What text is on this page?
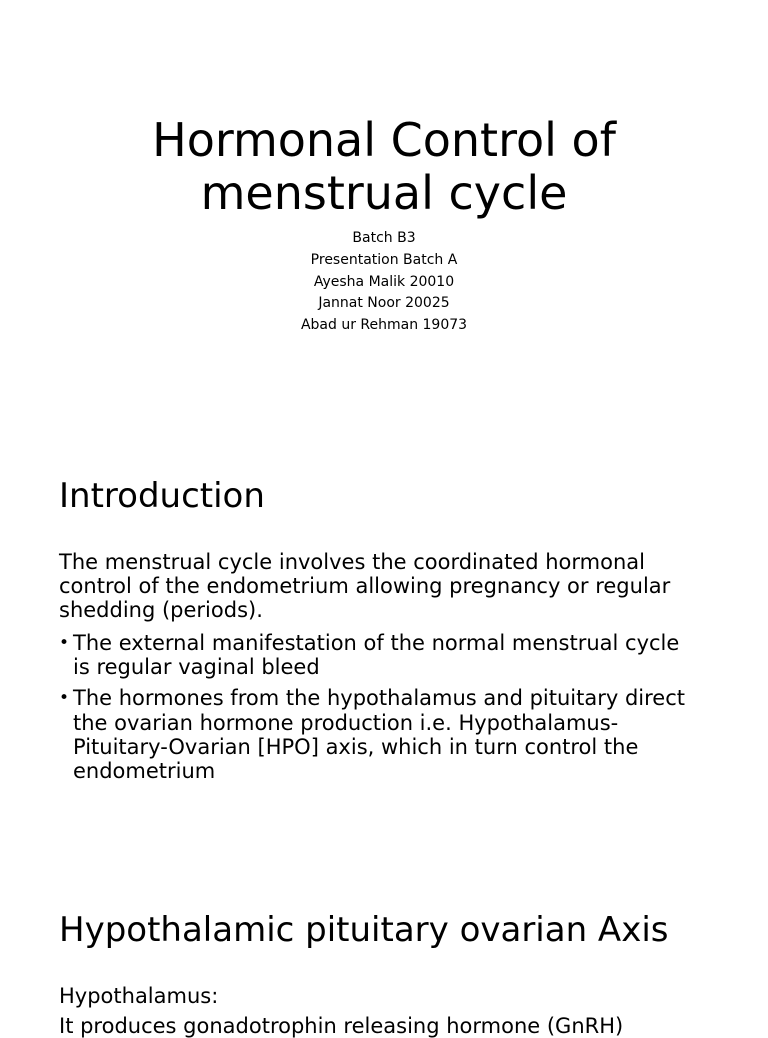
Hormonal Control of
menstrual cycle
Batch B3
Presentation Batch A
Ayesha Malik 20010
Jannat Noor 20025
Abad ur Rehman 19073
Introduction

The menstrual cycle involves the coordinated hormonal control of the endometrium allowing pregnancy or regular shedding (periods).

• The external manifestation of the normal menstrual cycle is regular vaginal bleed
• The hormones from the hypothalamus and pituitary direct the ovarian hormone production i.e. Hypothalamus-Pituitary-Ovarian [HPO] axis, which in turn control the endometrium
Hypothalamic pituitary ovarian Axis

Hypothalamus:

It produces gonadotrophin releasing hormone (GnRH)
